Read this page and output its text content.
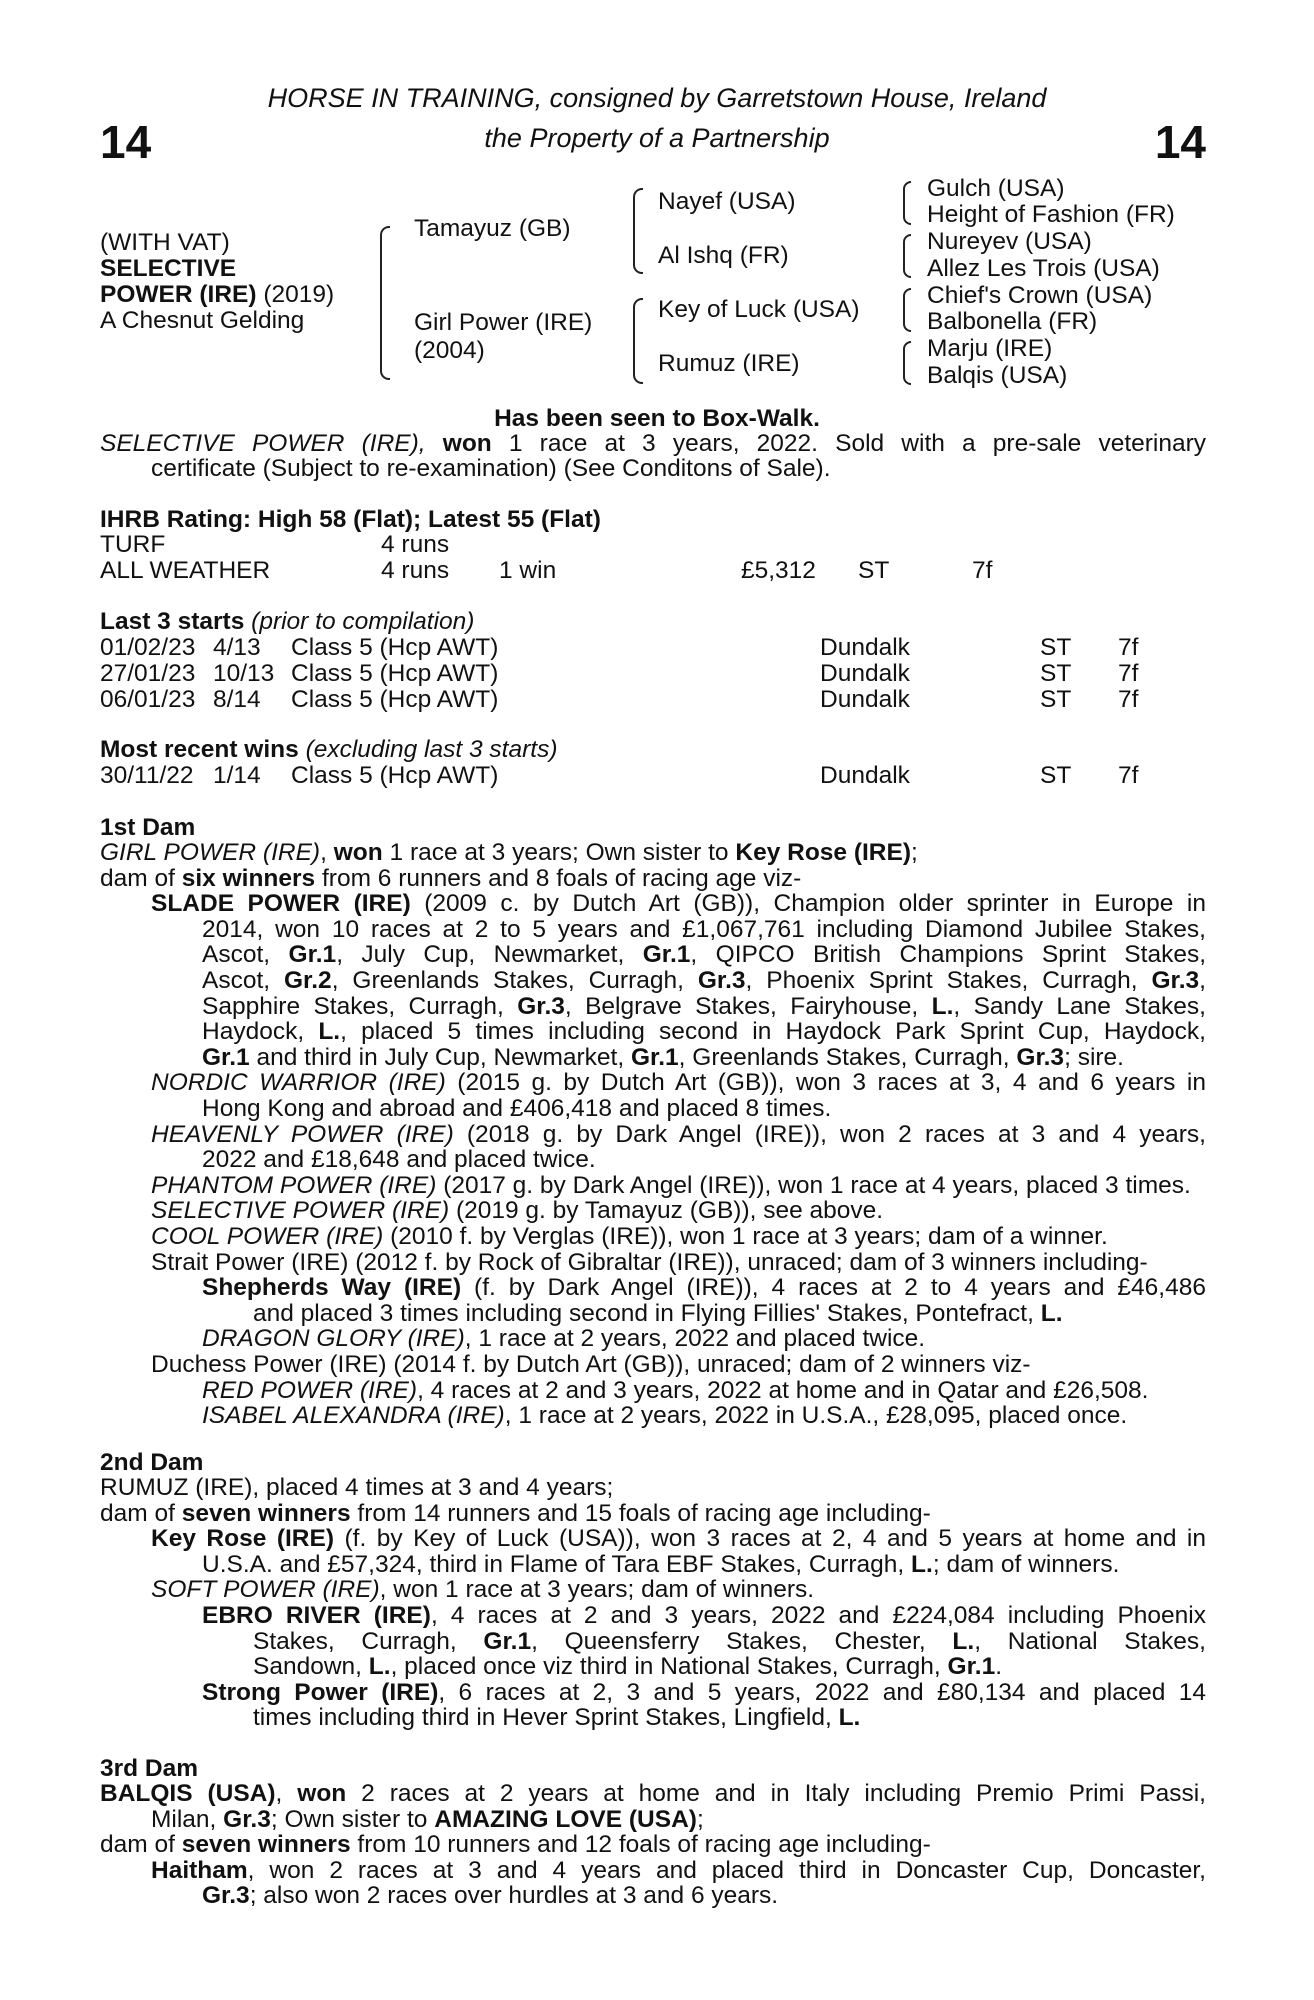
14	14
HORSE IN TRAINING, consigned by Garretstown House, Ireland
the Property of a Partnership
(WITH VAT)
SELECTIVE
POWER (IRE) (2019)
A Chesnut Gelding
Tamayuz (GB)
Girl Power (IRE)
(2004)
Nayef (USA)
Al Ishq (FR)
Key of Luck (USA)
Rumuz (IRE)
Gulch (USA)
Height of Fashion (FR)
Nureyev (USA)
Allez Les Trois (USA)
Chief's Crown (USA)
Balbonella (FR)
Marju (IRE)
Balqis (USA)
Has been seen to Box-Walk.
SELECTIVE POWER (IRE), won 1 race at 3 years, 2022. Sold with a pre-sale veterinary
certificate (Subject to re-examination) (See Conditons of Sale).
IHRB Rating: High 58 (Flat); Latest 55 (Flat)
TURF	4 runs
ALL WEATHER	4 runs 1 win	£5,312 ST	7f
Last 3 starts (prior to compilation)
01/02/23 4/13 Class 5 (Hcp AWT)	Dundalk	ST 7f
27/01/23 10/13 Class 5 (Hcp AWT)	Dundalk	ST 7f
06/01/23 8/14 Class 5 (Hcp AWT)	Dundalk	ST 7f
Most recent wins (excluding last 3 starts)
30/11/22 1/14 Class 5 (Hcp AWT)	Dundalk	ST 7f
1st Dam
GIRL POWER (IRE), won 1 race at 3 years; Own sister to Key Rose (IRE);
dam of six winners from 6 runners and 8 foals of racing age viz-
SLADE POWER (IRE) (2009 c. by Dutch Art (GB)), Champion older sprinter in Europe in
2014, won 10 races at 2 to 5 years and £1,067,761 including Diamond Jubilee Stakes,
Ascot, Gr.1, July Cup, Newmarket, Gr.1, QIPCO British Champions Sprint Stakes,
Ascot, Gr.2, Greenlands Stakes, Curragh, Gr.3, Phoenix Sprint Stakes, Curragh, Gr.3,
Sapphire Stakes, Curragh, Gr.3, Belgrave Stakes, Fairyhouse, L., Sandy Lane Stakes,
Haydock, L., placed 5 times including second in Haydock Park Sprint Cup, Haydock,
Gr.1 and third in July Cup, Newmarket, Gr.1, Greenlands Stakes, Curragh, Gr.3; sire.
NORDIC WARRIOR (IRE) (2015 g. by Dutch Art (GB)), won 3 races at 3, 4 and 6 years in
Hong Kong and abroad and £406,418 and placed 8 times.
HEAVENLY POWER (IRE) (2018 g. by Dark Angel (IRE)), won 2 races at 3 and 4 years,
2022 and £18,648 and placed twice.
PHANTOM POWER (IRE) (2017 g. by Dark Angel (IRE)), won 1 race at 4 years, placed 3 times.
SELECTIVE POWER (IRE) (2019 g. by Tamayuz (GB)), see above.
COOL POWER (IRE) (2010 f. by Verglas (IRE)), won 1 race at 3 years; dam of a winner.
Strait Power (IRE) (2012 f. by Rock of Gibraltar (IRE)), unraced; dam of 3 winners including-
Shepherds Way (IRE) (f. by Dark Angel (IRE)), 4 races at 2 to 4 years and £46,486
and placed 3 times including second in Flying Fillies' Stakes, Pontefract, L.
DRAGON GLORY (IRE), 1 race at 2 years, 2022 and placed twice.
Duchess Power (IRE) (2014 f. by Dutch Art (GB)), unraced; dam of 2 winners viz-
RED POWER (IRE), 4 races at 2 and 3 years, 2022 at home and in Qatar and £26,508.
ISABEL ALEXANDRA (IRE), 1 race at 2 years, 2022 in U.S.A., £28,095, placed once.
2nd Dam
RUMUZ (IRE), placed 4 times at 3 and 4 years;
dam of seven winners from 14 runners and 15 foals of racing age including-
Key Rose (IRE) (f. by Key of Luck (USA)), won 3 races at 2, 4 and 5 years at home and in
U.S.A. and £57,324, third in Flame of Tara EBF Stakes, Curragh, L.; dam of winners.
SOFT POWER (IRE), won 1 race at 3 years; dam of winners.
EBRO RIVER (IRE), 4 races at 2 and 3 years, 2022 and £224,084 including Phoenix
Stakes, Curragh, Gr.1, Queensferry Stakes, Chester, L., National Stakes,
Sandown, L., placed once viz third in National Stakes, Curragh, Gr.1.
Strong Power (IRE), 6 races at 2, 3 and 5 years, 2022 and £80,134 and placed 14
times including third in Hever Sprint Stakes, Lingfield, L.
3rd Dam
BALQIS (USA), won 2 races at 2 years at home and in Italy including Premio Primi Passi,
Milan, Gr.3; Own sister to AMAZING LOVE (USA);
dam of seven winners from 10 runners and 12 foals of racing age including-
Haitham, won 2 races at 3 and 4 years and placed third in Doncaster Cup, Doncaster,
Gr.3; also won 2 races over hurdles at 3 and 6 years.
